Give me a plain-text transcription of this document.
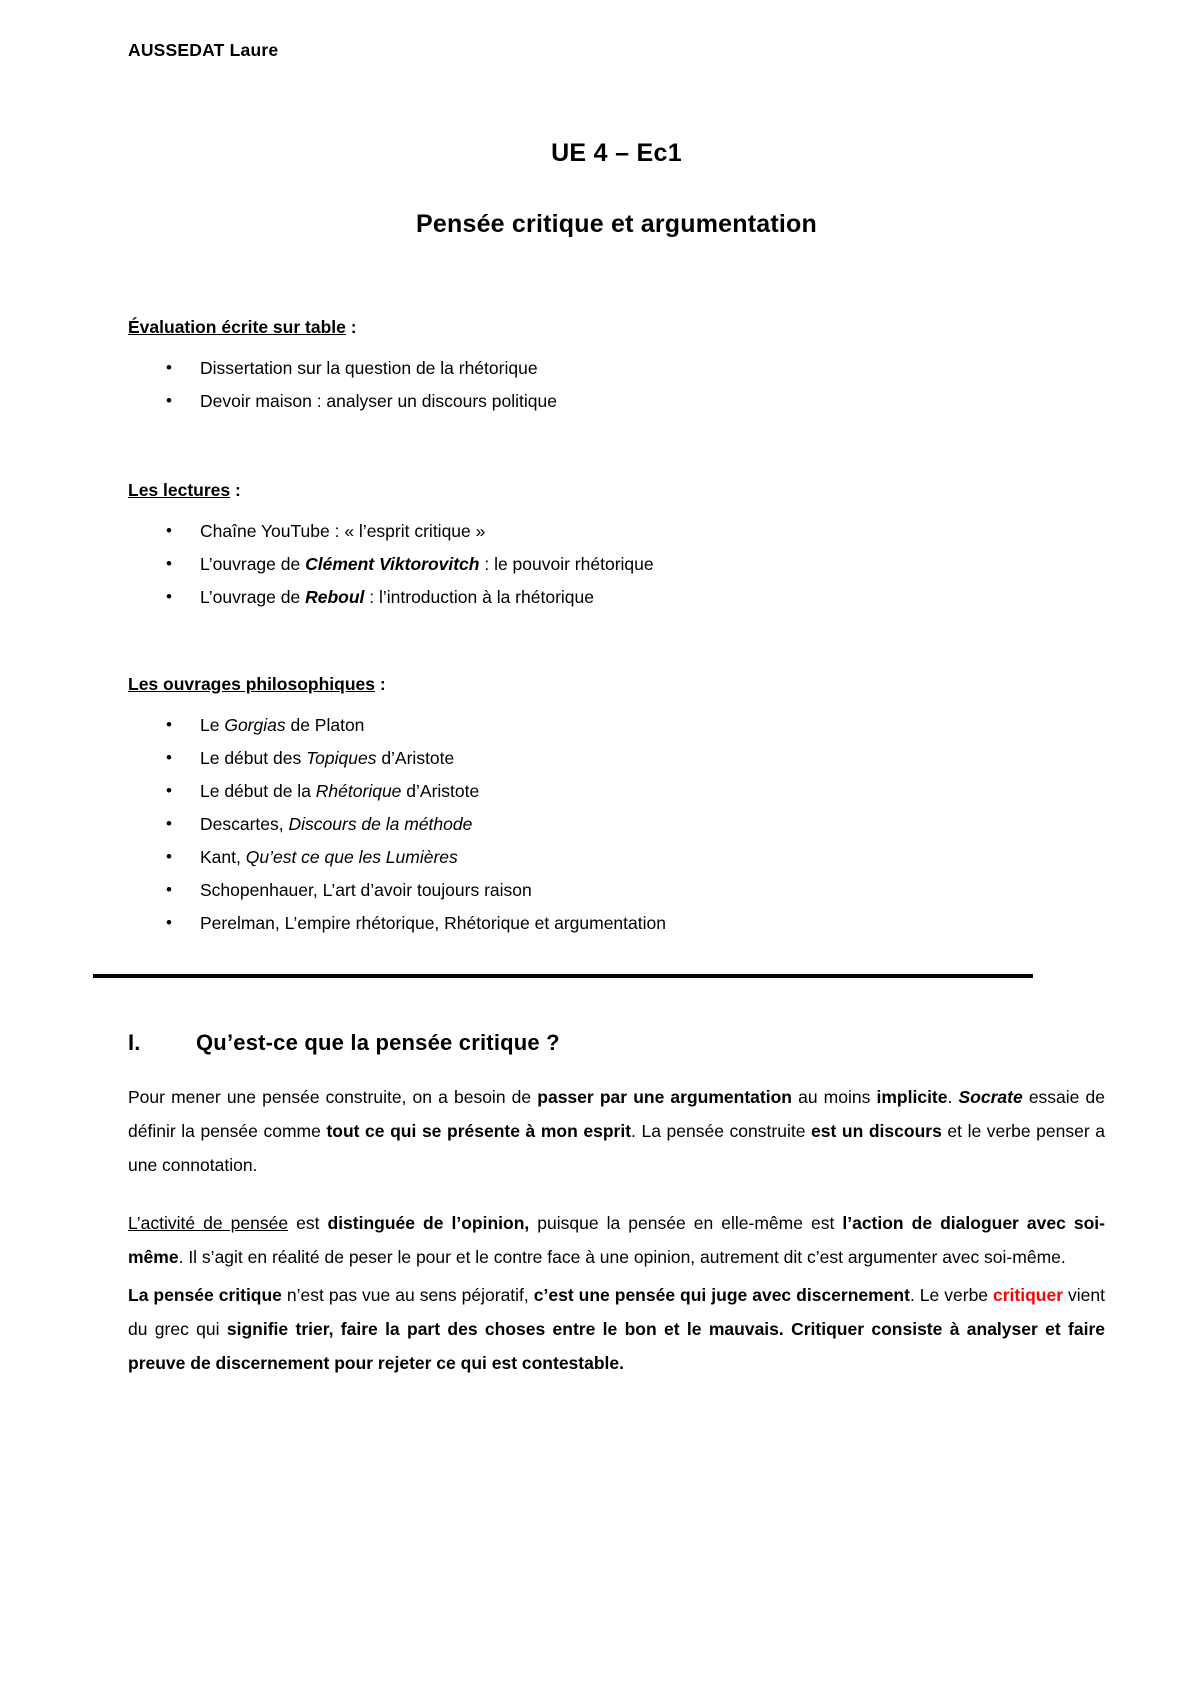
AUSSEDAT Laure
UE 4 – Ec1
Pensée critique et argumentation
Évaluation écrite sur table :
• Dissertation sur la question de la rhétorique
• Devoir maison : analyser un discours politique
Les lectures :
• Chaîne YouTube : « l’esprit critique »
• L’ouvrage de Clément Viktorovitch : le pouvoir rhétorique
• L’ouvrage de Reboul : l’introduction à la rhétorique
Les ouvrages philosophiques :
• Le Gorgias de Platon
• Le début des Topiques d’Aristote
• Le début de la Rhétorique d’Aristote
• Descartes, Discours de la méthode
• Kant, Qu’est ce que les Lumières
• Schopenhauer, L’art d’avoir toujours raison
• Perelman, L’empire rhétorique, Rhétorique et argumentation
I.	Qu’est-ce que la pensée critique ?

Pour mener une pensée construite, on a besoin de passer par une argumentation au moins implicite. Socrate essaie de définir la pensée comme tout ce qui se présente à mon esprit. La pensée construite est un discours et le verbe penser a une connotation.

L’activité de pensée est distinguée de l’opinion, puisque la pensée en elle-même est l’action de dialoguer avec soi-même. Il s’agit en réalité de peser le pour et le contre face à une opinion, autrement dit c’est argumenter avec soi-même.

La pensée critique n’est pas vue au sens péjoratif, c’est une pensée qui juge avec discernement. Le verbe critiquer vient du grec qui signifie trier, faire la part des choses entre le bon et le mauvais. Critiquer consiste à analyser et faire preuve de discernement pour rejeter ce qui est contestable.
